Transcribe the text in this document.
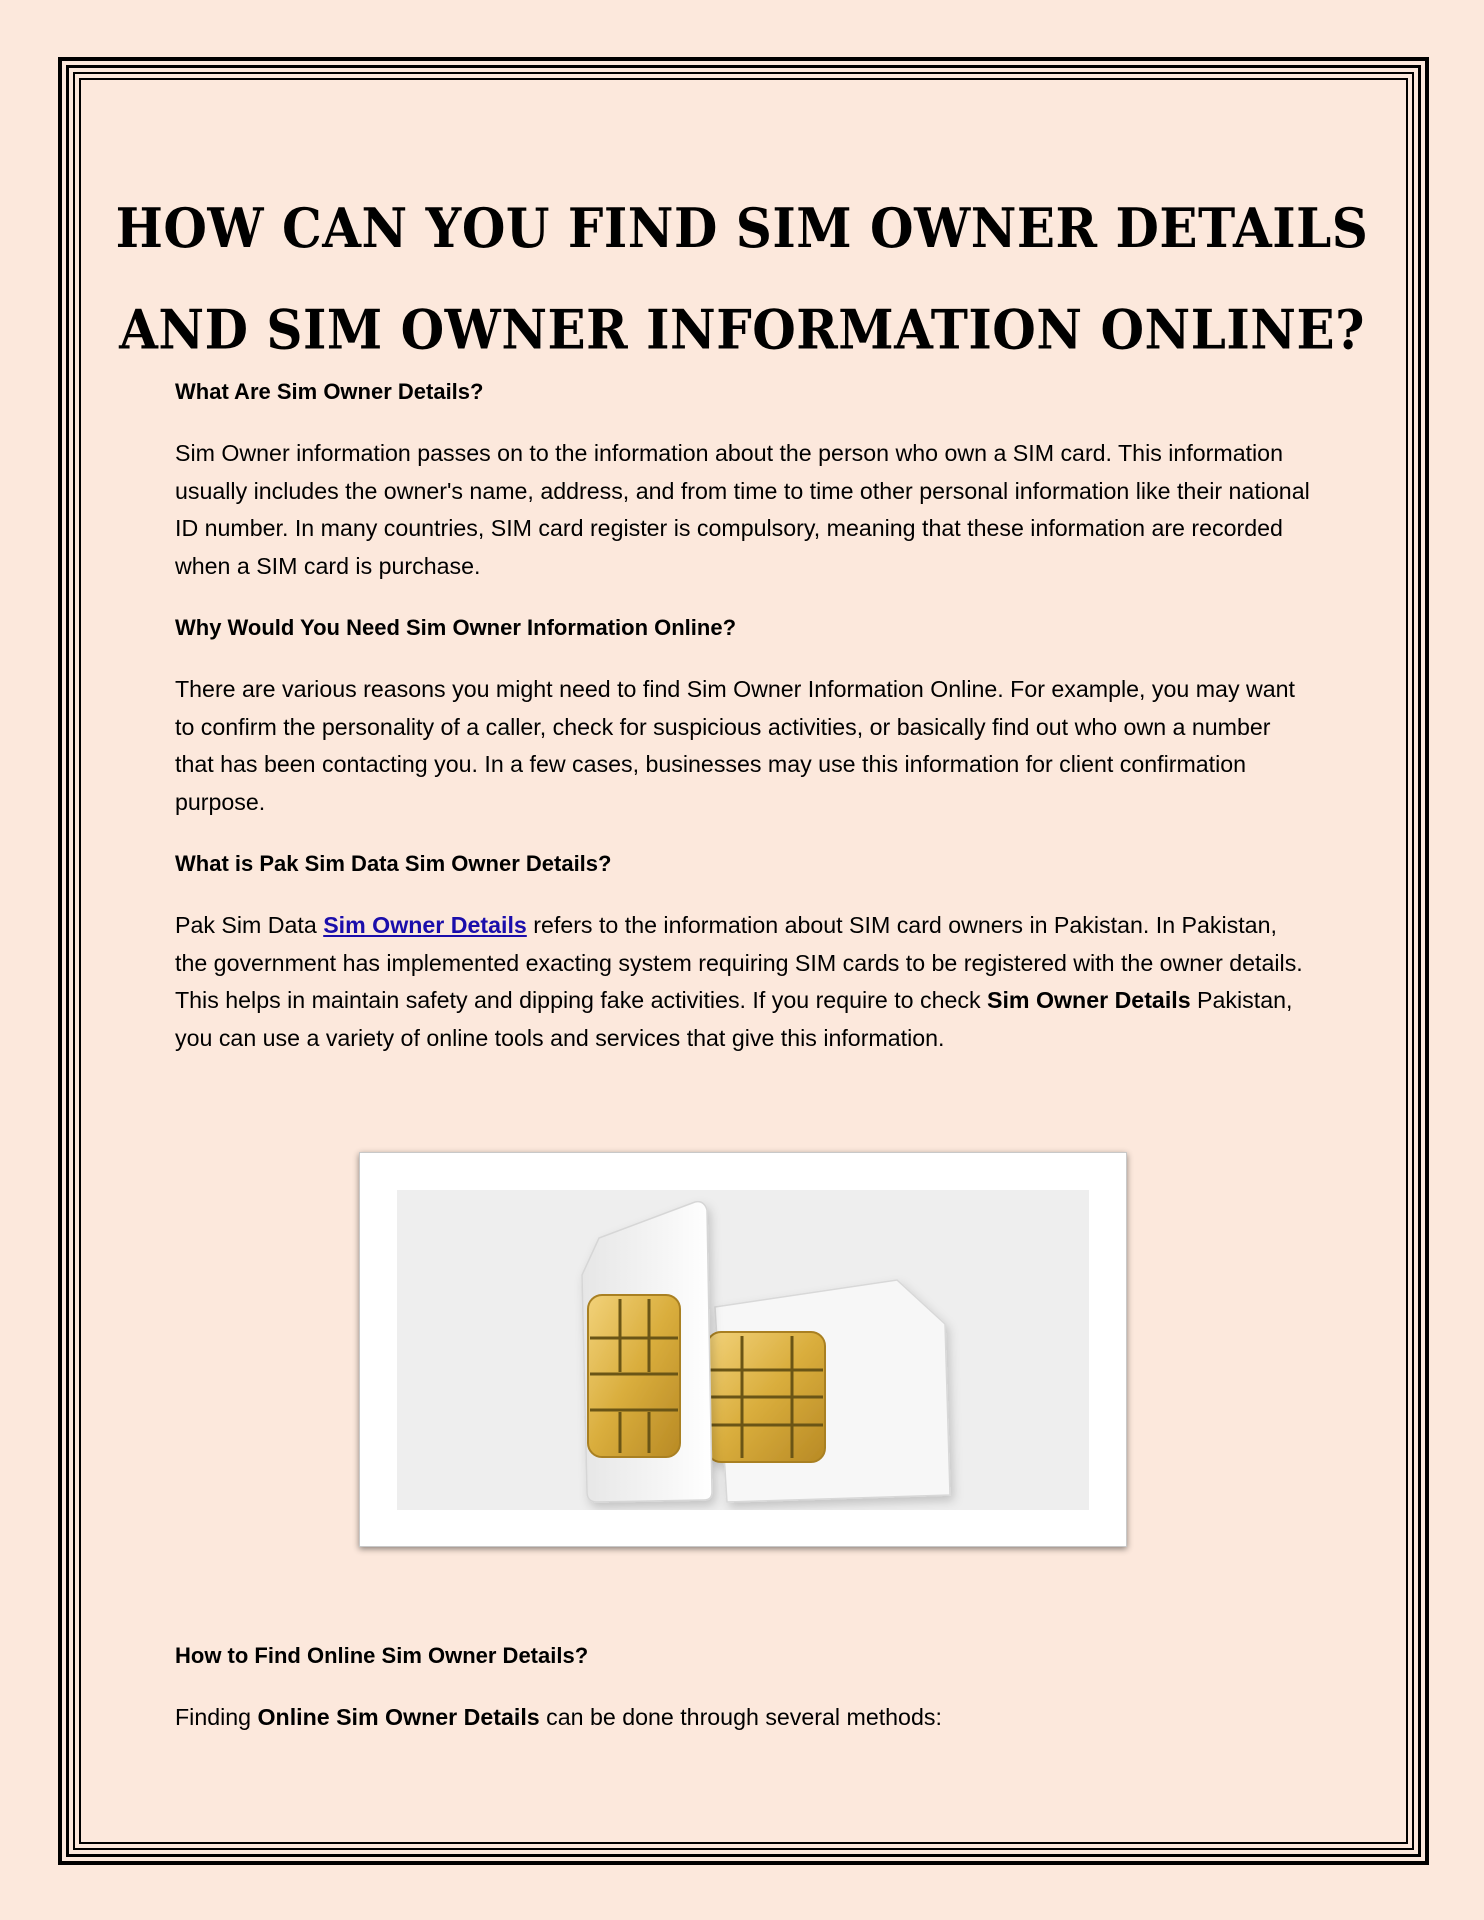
HOW CAN YOU FIND SIM OWNER DETAILS
AND SIM OWNER INFORMATION ONLINE?
What Are Sim Owner Details?
Sim Owner information passes on to the information about the person who own a SIM card. This information usually includes the owner's name, address, and from time to time other personal information like their national ID number. In many countries, SIM card register is compulsory, meaning that these information are recorded when a SIM card is purchase.
Why Would You Need Sim Owner Information Online?
There are various reasons you might need to find Sim Owner Information Online. For example, you may want to confirm the personality of a caller, check for suspicious activities, or basically find out who own a number that has been contacting you. In a few cases, businesses may use this information for client confirmation purpose.
What is Pak Sim Data Sim Owner Details?
Pak Sim Data Sim Owner Details refers to the information about SIM card owners in Pakistan. In Pakistan, the government has implemented exacting system requiring SIM cards to be registered with the owner details. This helps in maintain safety and dipping fake activities. If you require to check Sim Owner Details Pakistan, you can use a variety of online tools and services that give this information.
How to Find Online Sim Owner Details?
Finding Online Sim Owner Details can be done through several methods:
